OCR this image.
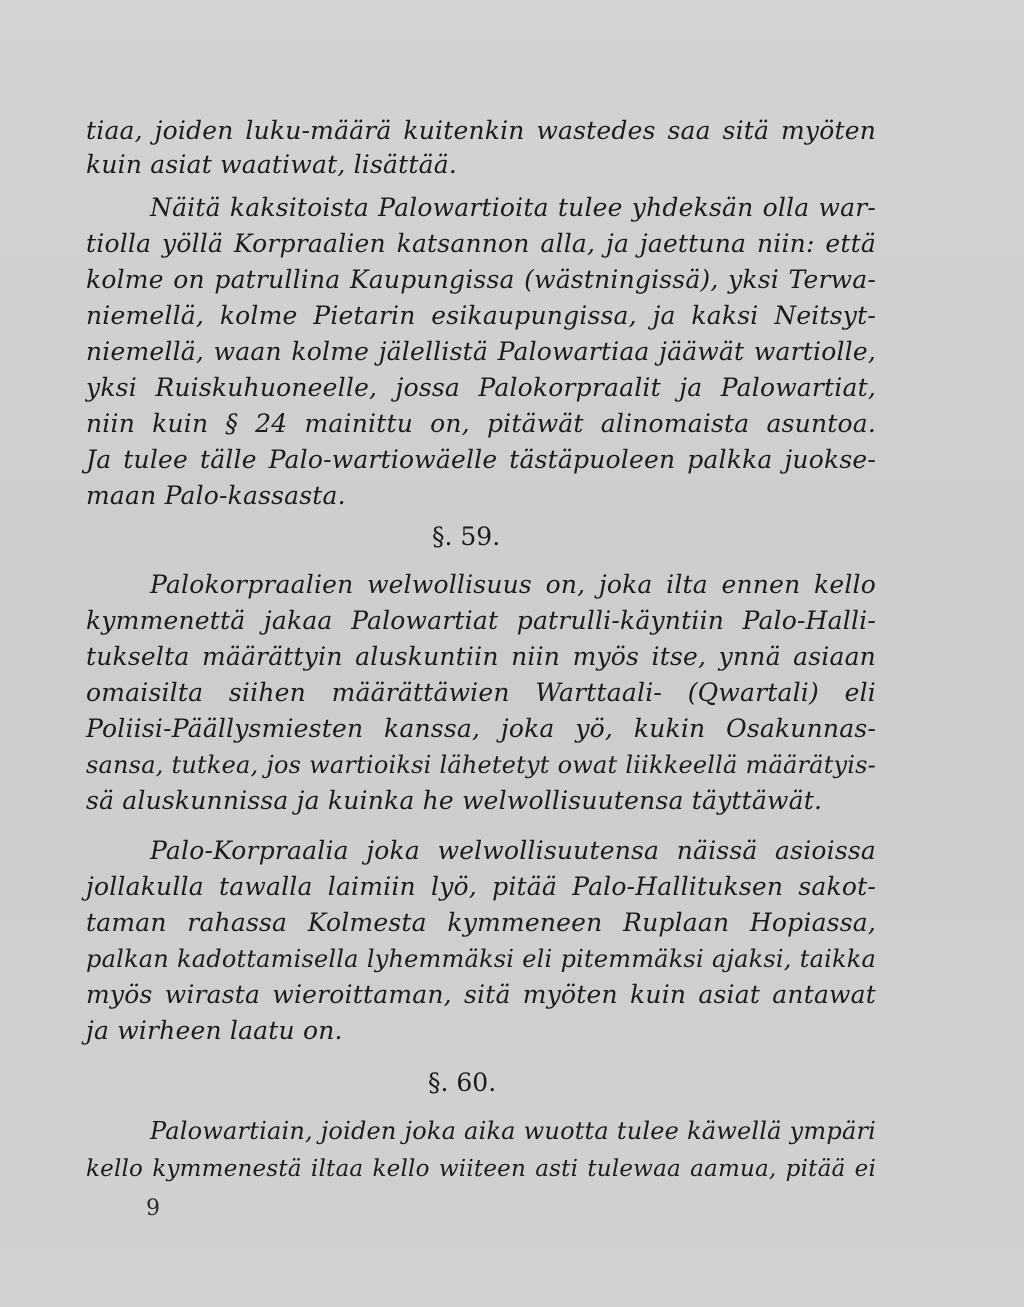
tiaa, joiden luku-määrä kuitenkin wastedes saa sitä myöten
kuin asiat waatiwat, lisättää.
Näitä kaksitoista Palowartioita tulee yhdeksän olla war-
tiolla yöllä Korpraalien katsannon alla, ja jaettuna niin: että
kolme on patrullina Kaupungissa (wästningissä), yksi Terwa-
niemellä, kolme Pietarin esikaupungissa, ja kaksi Neitsyt-
niemellä, waan kolme jälellistä Palowartiaa jääwät wartiolle,
yksi Ruiskuhuoneelle, jossa Palokorpraalit ja Palowartiat,
niin kuin § 24 mainittu on, pitäwät alinomaista asuntoa.
Ja tulee tälle Palo-wartiowäelle tästäpuoleen palkka juokse-
maan Palo-kassasta.
§. 59.
Palokorpraalien welwollisuus on, joka ilta ennen kello
kymmenettä jakaa Palowartiat patrulli-käyntiin Palo-Halli-
tukselta määrättyin aluskuntiin niin myös itse, ynnä asiaan
omaisilta siihen määrättäwien Warttaali- (Qwartali) eli
Poliisi-Päällysmiesten kanssa, joka yö, kukin Osakunnas-
sansa, tutkea, jos wartioiksi lähetetyt owat liikkeellä määrätyis-
sä aluskunnissa ja kuinka he welwollisuutensa täyttäwät.
Palo-Korpraalia joka welwollisuutensa näissä asioissa
jollakulla tawalla laimiin lyö, pitää Palo-Hallituksen sakot-
taman rahassa Kolmesta kymmeneen Ruplaan Hopiassa,
palkan kadottamisella lyhemmäksi eli pitemmäksi ajaksi, taikka
myös wirasta wieroittaman, sitä myöten kuin asiat antawat
ja wirheen laatu on.
§. 60.
Palowartiain, joiden joka aika wuotta tulee käwellä ympäri
kello kymmenestä iltaa kello wiiteen asti tulewaa aamua, pitää ei
9
